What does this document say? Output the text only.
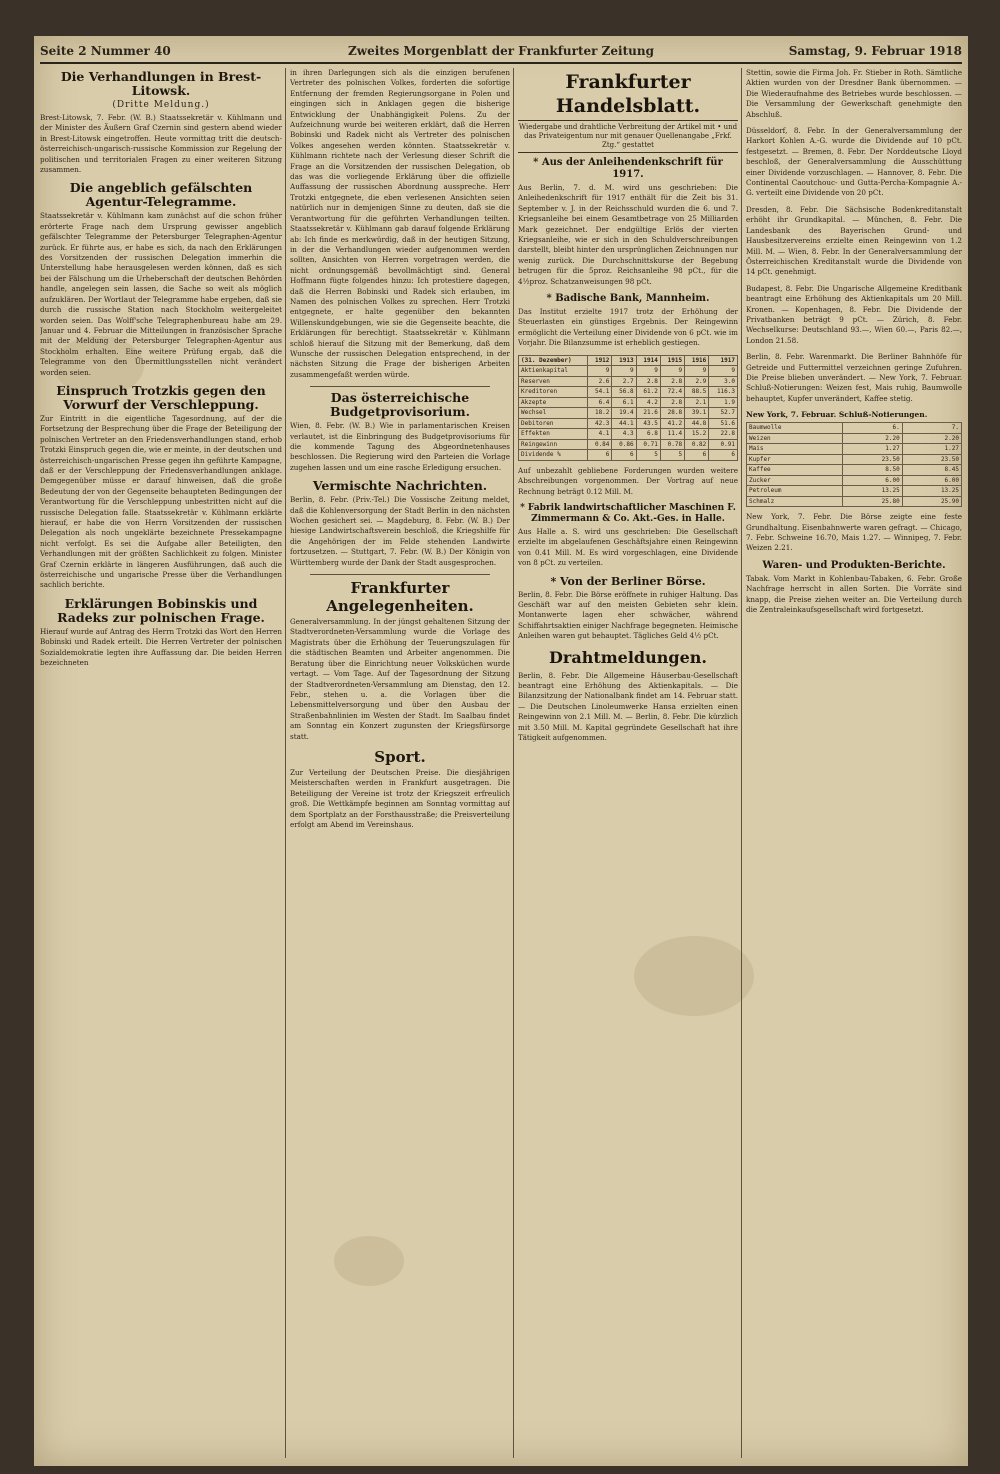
Seite 2 Nummer 40	Zweites Morgenblatt der Frankfurter Zeitung	Samstag, 9. Februar 1918
Die Verhandlungen in Brest-Litowsk.
(Dritte Meldung.)

Brest-Litowsk, 7. Febr. (W. B.) Staatssekretär v. Kühlmann und der Minister des Äußern Graf Czernin sind gestern abend wieder in Brest-Litowsk eingetroffen. Heute vormittag tritt die deutsch-österreichisch-ungarisch-russische Kommission zur Regelung der politischen und territorialen Fragen zu einer weiteren Sitzung zusammen.

Die angeblich gefälschten Agentur-Telegramme.

Staatssekretär v. Kühlmann kam zunächst auf die schon früher erörterte Frage nach dem Ursprung gewisser angeblich gefälschter Telegramme der Petersburger Telegraphen-Agentur zurück. Er führte aus, er habe es sich, da nach den Erklärungen des Vorsitzenden der russischen Delegation immerhin die Unterstellung habe herausgelesen werden können, daß es sich bei der Fälschung um die Urheberschaft der deutschen Behörden handle, angelegen sein lassen, die Sache so weit als möglich aufzuklären. Der Wortlaut der Telegramme habe ergeben, daß sie durch die russische Station nach Stockholm weitergeleitet worden seien. Das Wolff'sche Telegraphenbureau habe am 29. Januar und 4. Februar die Mitteilungen in französischer Sprache mit der Meldung der Petersburger Telegraphen-Agentur aus Stockholm erhalten. Eine weitere Prüfung ergab, daß die Telegramme von den Übermittlungsstellen nicht verändert worden seien.

Einspruch Trotzkis gegen den Vorwurf der Verschleppung.

Zur Eintritt in die eigentliche Tagesordnung, auf der die Fortsetzung der Besprechung über die Frage der Beteiligung der polnischen Vertreter an den Friedensverhandlungen stand, erhob Trotzki Einspruch gegen die, wie er meinte, in der deutschen und österreichisch-ungarischen Presse gegen ihn geführte Kampagne, daß er der Verschleppung der Friedensverhandlungen anklage. Demgegenüber müsse er darauf hinweisen, daß die große Bedeutung der von der Gegenseite behaupteten Bedingungen der Verantwortung für die Verschleppung unbestritten nicht auf die russische Delegation falle. Staatssekretär v. Kühlmann erklärte hierauf, er habe die von Herrn Vorsitzenden der russischen Delegation als noch ungeklärte bezeichnete Pressekampagne nicht verfolgt. Es sei die Aufgabe aller Beteiligten, den Verhandlungen mit der größten Sachlichkeit zu folgen. Minister Graf Czernin erklärte in längeren Ausführungen, daß auch die österreichische und ungarische Presse über die Verhandlungen sachlich berichte.

Erklärungen Bobinskis und Radeks zur polnischen Frage.

Hierauf wurde auf Antrag des Herrn Trotzki das Wort den Herren Bobinski und Radek erteilt. Die Herren Vertreter der polnischen Sozialdemokratie legten ihre Auffassung dar. Die beiden Herren bezeichneten

in ihren Darlegungen sich als die einzigen berufenen Vertreter des polnischen Volkes, forderten die sofortige Entfernung der fremden Regierungsorgane in Polen und eingingen sich in Anklagen gegen die bisherige Entwicklung der Unabhängigkeit Polens. Zu der Aufzeichnung wurde bei weiteren erklärt, daß die Herren Bobinski und Radek nicht als Vertreter des polnischen Volkes angesehen werden könnten. Staatssekretär v. Kühlmann richtete nach der Verlesung dieser Schrift die Frage an die Vorsitzenden der russischen Delegation, ob das was die vorliegende Erklärung über die offizielle Auffassung der russischen Abordnung ausspreche. Herr Trotzki entgegnete, die eben verlesenen Ansichten seien natürlich nur in demjenigen Sinne zu deuten, daß sie die Verantwortung für die geführten Verhandlungen teilten. Staatssekretär v. Kühlmann gab darauf folgende Erklärung ab: Ich finde es merkwürdig, daß in der heutigen Sitzung, in der die Verhandlungen wieder aufgenommen werden sollten, Ansichten von Herren vorgetragen werden, die nicht ordnungsgemäß bevollmächtigt sind. General Hoffmann fügte folgendes hinzu: Ich protestiere dagegen, daß die Herren Bobinski und Radek sich erlauben, im Namen des polnischen Volkes zu sprechen. Herr Trotzki entgegnete, er halte gegenüber den bekannten Willenskundgebungen, wie sie die Gegenseite beachte, die Erklärungen für berechtigt. Staatssekretär v. Kühlmann schloß hierauf die Sitzung mit der Bemerkung, daß dem Wunsche der russischen Delegation entsprechend, in der nächsten Sitzung die Frage der bisherigen Arbeiten zusammengefaßt werden würde.

Das österreichische Budgetprovisorium.

Wien, 8. Febr. (W. B.) Wie in parlamentarischen Kreisen verlautet, ist die Einbringung des Budgetprovisoriums für die kommende Tagung des Abgeordnetenhauses beschlossen. Die Regierung wird den Parteien die Vorlage zugehen lassen und um eine rasche Erledigung ersuchen.

Vermischte Nachrichten.

Berlin, 8. Febr. (Priv.-Tel.) Die Vossische Zeitung meldet, daß die Kohlenversorgung der Stadt Berlin in den nächsten Wochen gesichert sei. — Magdeburg, 8. Febr. (W. B.) Der hiesige Landwirtschaftsverein beschloß, die Kriegshilfe für die Angehörigen der im Felde stehenden Landwirte fortzusetzen. — Stuttgart, 7. Febr. (W. B.) Der Königin von Württemberg wurde der Dank der Stadt ausgesprochen.

Frankfurter Angelegenheiten.

Generalversammlung. In der jüngst gehaltenen Sitzung der Stadtverordneten-Versammlung wurde die Vorlage des Magistrats über die Erhöhung der Teuerungszulagen für die städtischen Beamten und Arbeiter angenommen. Die Beratung über die Einrichtung neuer Volksküchen wurde vertagt. — Vom Tage. Auf der Tagesordnung der Sitzung der Stadtverordneten-Versammlung am Dienstag, den 12. Febr., stehen u. a. die Vorlagen über die Lebensmittelversorgung und über den Ausbau der Straßenbahnlinien im Westen der Stadt. Im Saalbau findet am Sonntag ein Konzert zugunsten der Kriegsfürsorge statt.

Sport.

Zur Verteilung der Deutschen Preise. Die diesjährigen Meisterschaften werden in Frankfurt ausgetragen. Die Beteiligung der Vereine ist trotz der Kriegszeit erfreulich groß. Die Wettkämpfe beginnen am Sonntag vormittag auf dem Sportplatz an der Forsthausstraße; die Preisverteilung erfolgt am Abend im Vereinshaus.

Frankfurter Handelsblatt.
Wiedergabe und drahtliche Verbreitung der Artikel mit • und das Privateigentum nur mit genauer Quellenangabe „Frkf. Ztg.“ gestattet
* Aus der Anleihendenkschrift für 1917.

Aus Berlin, 7. d. M. wird uns geschrieben: Die Anleihedenkschrift für 1917 enthält für die Zeit bis 31. September v. J. in der Reichsschuld wurden die 6. und 7. Kriegsanleihe bei einem Gesamtbetrage von 25 Milliarden Mark gezeichnet. Der endgültige Erlös der vierten Kriegsanleihe, wie er sich in den Schuldverschreibungen darstellt, bleibt hinter den ursprünglichen Zeichnungen nur wenig zurück. Die Durchschnittskurse der Begebung betrugen für die 5proz. Reichsanleihe 98 pCt., für die 4½proz. Schatzanweisungen 98 pCt.

* Badische Bank, Mannheim.

Das Institut erzielte 1917 trotz der Erhöhung der Steuerlasten ein günstiges Ergebnis. Der Reingewinn ermöglicht die Verteilung einer Dividende von 6 pCt. wie im Vorjahr. Die Bilanzsumme ist erheblich gestiegen.

(31. Dezember)	1912	1913	1914	1915	1916	1917
Aktienkapital	9	9	9	9	9	9
Reserven	2.6	2.7	2.8	2.8	2.9	3.0
Kreditoren	54.1	56.8	61.2	72.4	88.5	116.3
Akzepte	6.4	6.1	4.2	2.8	2.1	1.9
Wechsel	18.2	19.4	21.6	28.8	39.1	52.7
Debitoren	42.3	44.1	43.5	41.2	44.8	51.6
Effekten	4.1	4.3	6.8	11.4	15.2	22.8
Reingewinn	0.84	0.86	0.71	0.78	0.82	0.91
Dividende %	6	6	5	5	6	6

Auf unbezahlt gebliebene Forderungen wurden weitere Abschreibungen vorgenommen. Der Vortrag auf neue Rechnung beträgt 0.12 Mill. M.

* Fabrik landwirtschaftlicher Maschinen F. Zimmermann & Co. Akt.-Ges. in Halle.

Aus Halle a. S. wird uns geschrieben: Die Gesellschaft erzielte im abgelaufenen Geschäftsjahre einen Reingewinn von 0.41 Mill. M. Es wird vorgeschlagen, eine Dividende von 8 pCt. zu verteilen.

* Von der Berliner Börse.

Berlin, 8. Febr. Die Börse eröffnete in ruhiger Haltung. Das Geschäft war auf den meisten Gebieten sehr klein. Montanwerte lagen eher schwächer, während Schiffahrtsaktien einiger Nachfrage begegneten. Heimische Anleihen waren gut behauptet. Tägliches Geld 4½ pCt.

Drahtmeldungen.

Berlin, 8. Febr. Die Allgemeine Häuserbau-Gesellschaft beantragt eine Erhöhung des Aktienkapitals. — Die Bilanzsitzung der Nationalbank findet am 14. Februar statt. — Die Deutschen Linoleumwerke Hansa erzielten einen Reingewinn von 2.1 Mill. M. — Berlin, 8. Febr. Die kürzlich mit 3.50 Mill. M. Kapital gegründete Gesellschaft hat ihre Tätigkeit aufgenommen.

Stettin, sowie die Firma Joh. Fr. Stieber in Roth. Sämtliche Aktien wurden von der Dresdner Bank übernommen. — Die Wiederaufnahme des Betriebes wurde beschlossen. — Die Versammlung der Gewerkschaft genehmigte den Abschluß.

Düsseldorf, 8. Febr. In der Generalversammlung der Harkort Kohlen A.-G. wurde die Dividende auf 10 pCt. festgesetzt. — Bremen, 8. Febr. Der Norddeutsche Lloyd beschloß, der Generalversammlung die Ausschüttung einer Dividende vorzuschlagen. — Hannover, 8. Febr. Die Continental Caoutchouc- und Gutta-Percha-Kompagnie A.-G. verteilt eine Dividende von 20 pCt.

Dresden, 8. Febr. Die Sächsische Bodenkreditanstalt erhöht ihr Grundkapital. — München, 8. Febr. Die Landesbank des Bayerischen Grund- und Hausbesitzervereins erzielte einen Reingewinn von 1.2 Mill. M. — Wien, 8. Febr. In der Generalversammlung der Österreichischen Kreditanstalt wurde die Dividende von 14 pCt. genehmigt.

Budapest, 8. Febr. Die Ungarische Allgemeine Kreditbank beantragt eine Erhöhung des Aktienkapitals um 20 Mill. Kronen. — Kopenhagen, 8. Febr. Die Dividende der Privatbanken beträgt 9 pCt. — Zürich, 8. Febr. Wechselkurse: Deutschland 93.—, Wien 60.—, Paris 82.—, London 21.58.

Berlin, 8. Febr. Warenmarkt. Die Berliner Bahnhöfe für Getreide und Futtermittel verzeichnen geringe Zufuhren. Die Preise blieben unverändert. — New York, 7. Februar. Schluß-Notierungen: Weizen fest, Mais ruhig, Baumwolle behauptet, Kupfer unverändert, Kaffee stetig.

New York, 7. Februar. Schluß-Notierungen.
Baumwolle	6.	7.
Weizen	2.20	2.20
Mais	1.27	1.27
Kupfer	23.50	23.50
Kaffee	8.50	8.45
Zucker	6.00	6.00
Petroleum	13.25	13.25
Schmalz	25.80	25.90

New York, 7. Febr. Die Börse zeigte eine feste Grundhaltung. Eisenbahnwerte waren gefragt. — Chicago, 7. Febr. Schweine 16.70, Mais 1.27. — Winnipeg, 7. Febr. Weizen 2.21.

Waren- und Produkten-Berichte.

Tabak. Vom Markt in Kohlenbau-Tabaken, 6. Febr. Große Nachfrage herrscht in allen Sorten. Die Vorräte sind knapp, die Preise ziehen weiter an. Die Verteilung durch die Zentraleinkaufsgesellschaft wird fortgesetzt.
